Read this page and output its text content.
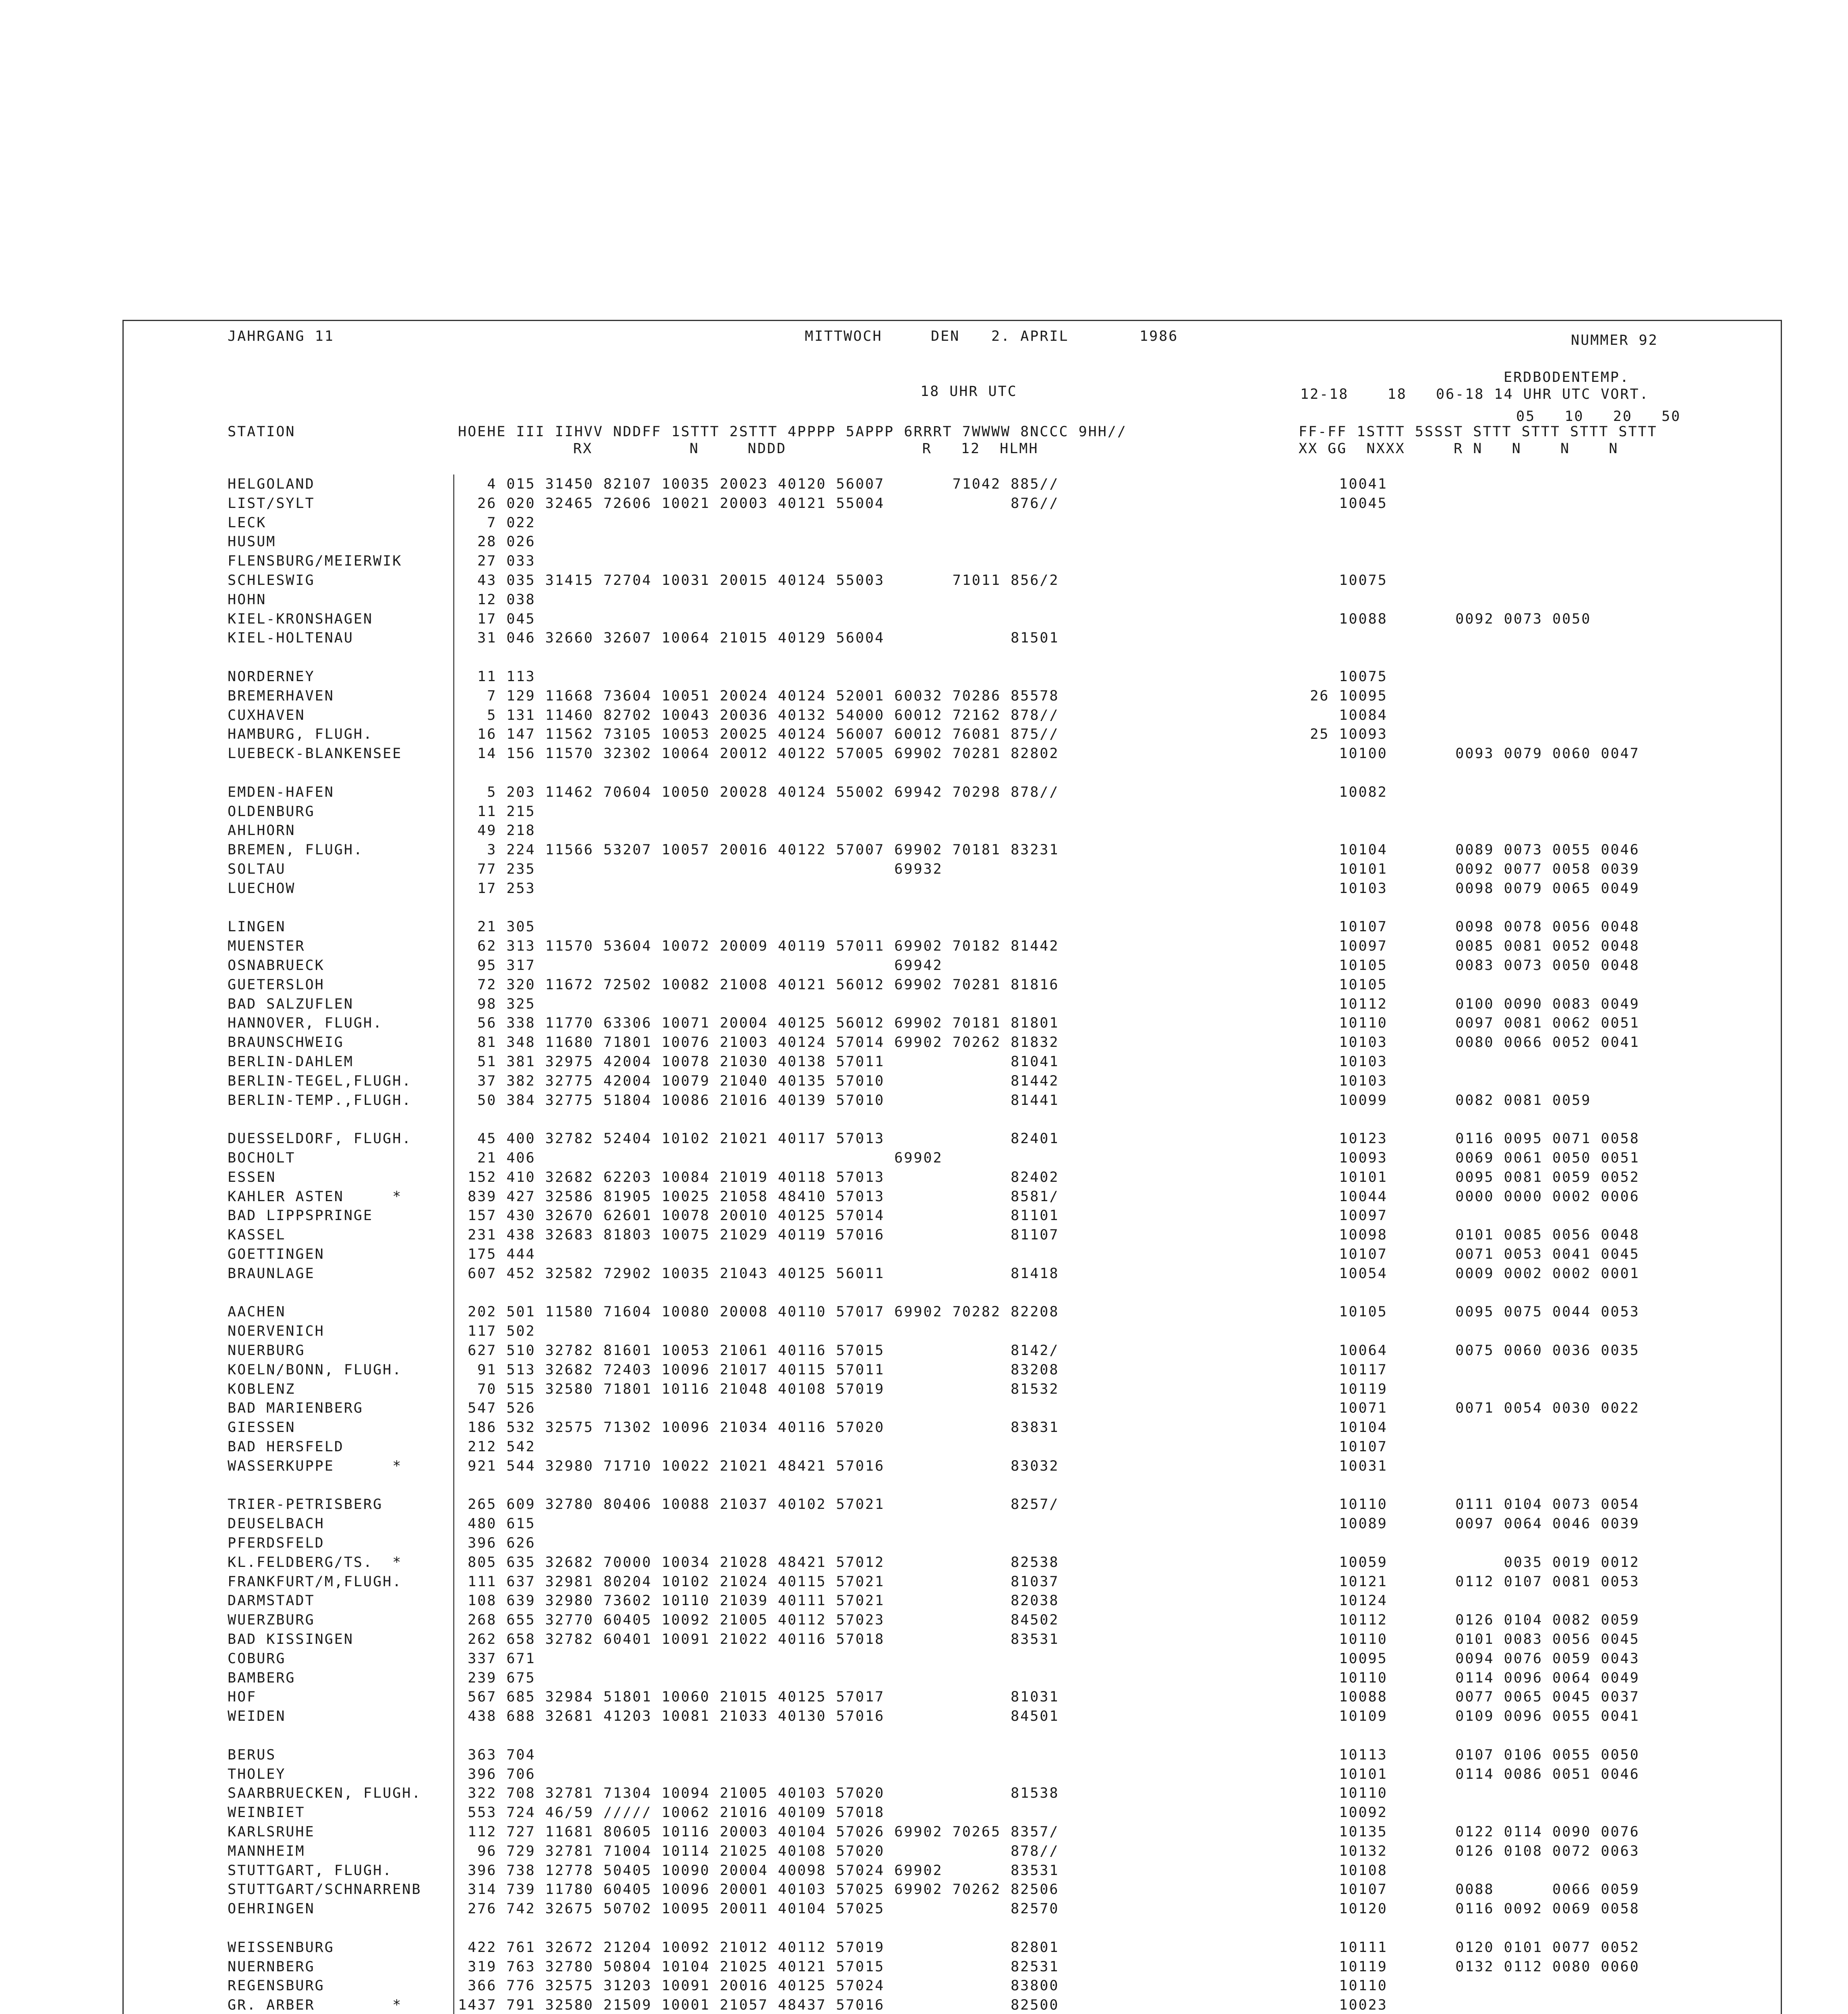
JAHRGANG 11	MITTWOCH	DEN 2. APRIL	1986	NUMMER 92
ERDBODENTEMP.
18 UHR UTC	12-18    18   06-18 14 UHR UTC VORT.
05   10   20   50
STATION	HOEHE III IIHVV NDDFF 1STTT 2STTT 4PPPP 5APPP 6RRRT 7WWWW 8NCCC 9HH//
RX          N     NDDD              R   12  HLMH
FF-FF 1STTT 5SSST STTT STTT STTT STTT
XX GG  NXXX     R N   N    N    N
HELGOLAND	4 015 31450 82107 10035 20023 40120 56007       71042 885//	10041
LIST/SYLT	26 020 32465 72606 10021 20003 40121 55004             876//	10045
LECK	7 022
HUSUM	28 026
FLENSBURG/MEIERWIK	27 033
SCHLESWIG	43 035 31415 72704 10031 20015 40124 55003       71011 856/2	10075
HOHN	12 038
KIEL-KRONSHAGEN	17 045	10088       0092 0073 0050
KIEL-HOLTENAU	31 046 32660 32607 10064 21015 40129 56004             81501
NORDERNEY	11 113	10075
BREMERHAVEN	7 129 11668 73604 10051 20024 40124 52001 60032 70286 85578	26 10095
CUXHAVEN	5 131 11460 82702 10043 20036 40132 54000 60012 72162 878//	10084
HAMBURG, FLUGH.	16 147 11562 73105 10053 20025 40124 56007 60012 76081 875//	25 10093
LUEBECK-BLANKENSEE	14 156 11570 32302 10064 20012 40122 57005 69902 70281 82802	10100       0093 0079 0060 0047
EMDEN-HAFEN	5 203 11462 70604 10050 20028 40124 55002 69942 70298 878//	10082
OLDENBURG	11 215
AHLHORN	49 218
BREMEN, FLUGH.	3 224 11566 53207 10057 20016 40122 57007 69902 70181 83231	10104       0089 0073 0055 0046
SOLTAU	77 235                                     69932	10101       0092 0077 0058 0039
LUECHOW	17 253	10103       0098 0079 0065 0049
LINGEN	21 305	10107       0098 0078 0056 0048
MUENSTER	62 313 11570 53604 10072 20009 40119 57011 69902 70182 81442	10097       0085 0081 0052 0048
OSNABRUECK	95 317                                     69942	10105       0083 0073 0050 0048
GUETERSLOH	72 320 11672 72502 10082 21008 40121 56012 69902 70281 81816	10105
BAD SALZUFLEN	98 325	10112       0100 0090 0083 0049
HANNOVER, FLUGH.	56 338 11770 63306 10071 20004 40125 56012 69902 70181 81801	10110       0097 0081 0062 0051
BRAUNSCHWEIG	81 348 11680 71801 10076 21003 40124 57014 69902 70262 81832	10103       0080 0066 0052 0041
BERLIN-DAHLEM	51 381 32975 42004 10078 21030 40138 57011             81041	10103
BERLIN-TEGEL,FLUGH.	37 382 32775 42004 10079 21040 40135 57010             81442	10103
BERLIN-TEMP.,FLUGH.	50 384 32775 51804 10086 21016 40139 57010             81441	10099       0082 0081 0059
DUESSELDORF, FLUGH.	45 400 32782 52404 10102 21021 40117 57013             82401	10123       0116 0095 0071 0058
BOCHOLT	21 406                                     69902	10093       0069 0061 0050 0051
ESSEN	152 410 32682 62203 10084 21019 40118 57013             82402	10101       0095 0081 0059 0052
KAHLER ASTEN     *	839 427 32586 81905 10025 21058 48410 57013             8581/	10044       0000 0000 0002 0006
BAD LIPPSPRINGE	157 430 32670 62601 10078 20010 40125 57014             81101	10097
KASSEL	231 438 32683 81803 10075 21029 40119 57016             81107	10098       0101 0085 0056 0048
GOETTINGEN	175 444	10107       0071 0053 0041 0045
BRAUNLAGE	607 452 32582 72902 10035 21043 40125 56011             81418	10054       0009 0002 0002 0001
AACHEN	202 501 11580 71604 10080 20008 40110 57017 69902 70282 82208	10105       0095 0075 0044 0053
NOERVENICH	117 502
NUERBURG	627 510 32782 81601 10053 21061 40116 57015             8142/	10064       0075 0060 0036 0035
KOELN/BONN, FLUGH.	91 513 32682 72403 10096 21017 40115 57011             83208	10117
KOBLENZ	70 515 32580 71801 10116 21048 40108 57019             81532	10119
BAD MARIENBERG	547 526	10071       0071 0054 0030 0022
GIESSEN	186 532 32575 71302 10096 21034 40116 57020             83831	10104
BAD HERSFELD	212 542	10107
WASSERKUPPE      *	921 544 32980 71710 10022 21021 48421 57016             83032	10031
TRIER-PETRISBERG	265 609 32780 80406 10088 21037 40102 57021             8257/	10110       0111 0104 0073 0054
DEUSELBACH	480 615	10089       0097 0064 0046 0039
PFERDSFELD	396 626
KL.FELDBERG/TS.  *	805 635 32682 70000 10034 21028 48421 57012             82538	10059            0035 0019 0012
FRANKFURT/M,FLUGH.	111 637 32981 80204 10102 21024 40115 57021             81037	10121       0112 0107 0081 0053
DARMSTADT	108 639 32980 73602 10110 21039 40111 57021             82038	10124
WUERZBURG	268 655 32770 60405 10092 21005 40112 57023             84502	10112       0126 0104 0082 0059
BAD KISSINGEN	262 658 32782 60401 10091 21022 40116 57018             83531	10110       0101 0083 0056 0045
COBURG	337 671	10095       0094 0076 0059 0043
BAMBERG	239 675	10110       0114 0096 0064 0049
HOF	567 685 32984 51801 10060 21015 40125 57017             81031	10088       0077 0065 0045 0037
WEIDEN	438 688 32681 41203 10081 21033 40130 57016             84501	10109       0109 0096 0055 0041
BERUS	363 704	10113       0107 0106 0055 0050
THOLEY	396 706	10101       0114 0086 0051 0046
SAARBRUECKEN, FLUGH.	322 708 32781 71304 10094 21005 40103 57020             81538	10110
WEINBIET	553 724 46/59 ///// 10062 21016 40109 57018	10092
KARLSRUHE	112 727 11681 80605 10116 20003 40104 57026 69902 70265 8357/	10135       0122 0114 0090 0076
MANNHEIM	96 729 32781 71004 10114 21025 40108 57020             878//	10132       0126 0108 0072 0063
STUTTGART, FLUGH.	396 738 12778 50405 10090 20004 40098 57024 69902       83531	10108
STUTTGART/SCHNARRENB	314 739 11780 60405 10096 20001 40103 57025 69902 70262 82506	10107       0088      0066 0059
OEHRINGEN	276 742 32675 50702 10095 20011 40104 57025             82570	10120       0116 0092 0069 0058
WEISSENBURG	422 761 32672 21204 10092 21012 40112 57019             82801	10111       0120 0101 0077 0052
NUERNBERG	319 763 32780 50804 10104 21025 40121 57015             82531	10119       0132 0112 0080 0060
REGENSBURG	366 776 32575 31203 10091 20016 40125 57024             83800	10110
GR. ARBER        *	1437 791 32580 21509 10001 21057 48437 57016             82500	10023
